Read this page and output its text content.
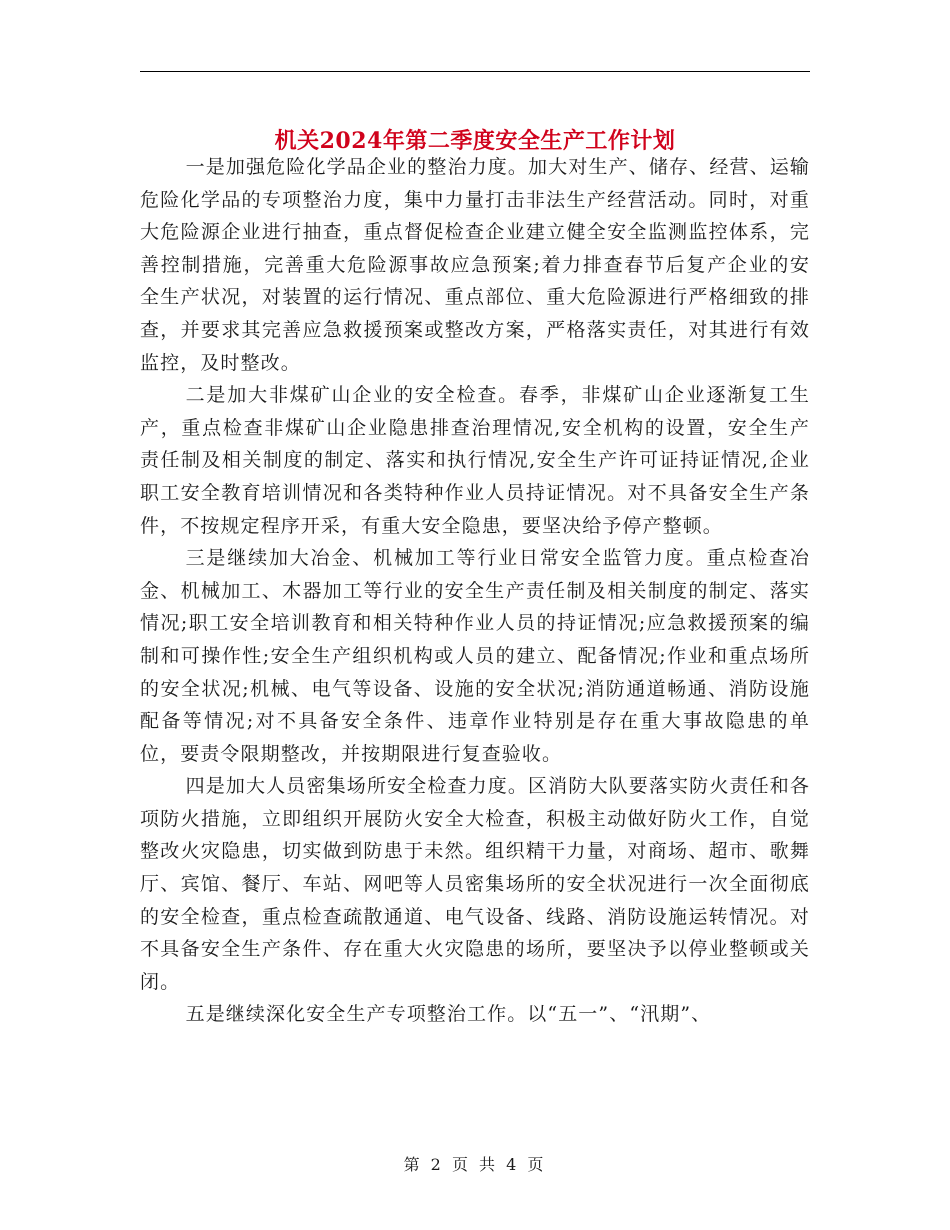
机关2024年第二季度安全生产工作计划

一是加强危险化学品企业的整治力度。加大对生产、储存、经营、运输危险化学品的专项整治力度，集中力量打击非法生产经营活动。同时，对重大危险源企业进行抽查，重点督促检查企业建立健全安全监测监控体系，完善控制措施，完善重大危险源事故应急预案;着力排查春节后复产企业的安全生产状况，对装置的运行情况、重点部位、重大危险源进行严格细致的排查，并要求其完善应急救援预案或整改方案，严格落实责任，对其进行有效监控，及时整改。

二是加大非煤矿山企业的安全检查。春季，非煤矿山企业逐渐复工生产，重点检查非煤矿山企业隐患排查治理情况,安全机构的设置，安全生产责任制及相关制度的制定、落实和执行情况,安全生产许可证持证情况,企业职工安全教育培训情况和各类特种作业人员持证情况。对不具备安全生产条件，不按规定程序开采，有重大安全隐患，要坚决给予停产整顿。

三是继续加大冶金、机械加工等行业日常安全监管力度。重点检查冶金、机械加工、木器加工等行业的安全生产责任制及相关制度的制定、落实情况;职工安全培训教育和相关特种作业人员的持证情况;应急救援预案的编制和可操作性;安全生产组织机构或人员的建立、配备情况;作业和重点场所的安全状况;机械、电气等设备、设施的安全状况;消防通道畅通、消防设施配备等情况;对不具备安全条件、违章作业特别是存在重大事故隐患的单位，要责令限期整改，并按期限进行复查验收。

四是加大人员密集场所安全检查力度。区消防大队要落实防火责任和各项防火措施，立即组织开展防火安全大检查，积极主动做好防火工作，自觉整改火灾隐患，切实做到防患于未然。组织精干力量，对商场、超市、歌舞厅、宾馆、餐厅、车站、网吧等人员密集场所的安全状况进行一次全面彻底的安全检查，重点检查疏散通道、电气设备、线路、消防设施运转情况。对不具备安全生产条件、存在重大火灾隐患的场所，要坚决予以停业整顿或关闭。

五是继续深化安全生产专项整治工作。以“五一”、“汛期”、

第 2 页 共 4 页
